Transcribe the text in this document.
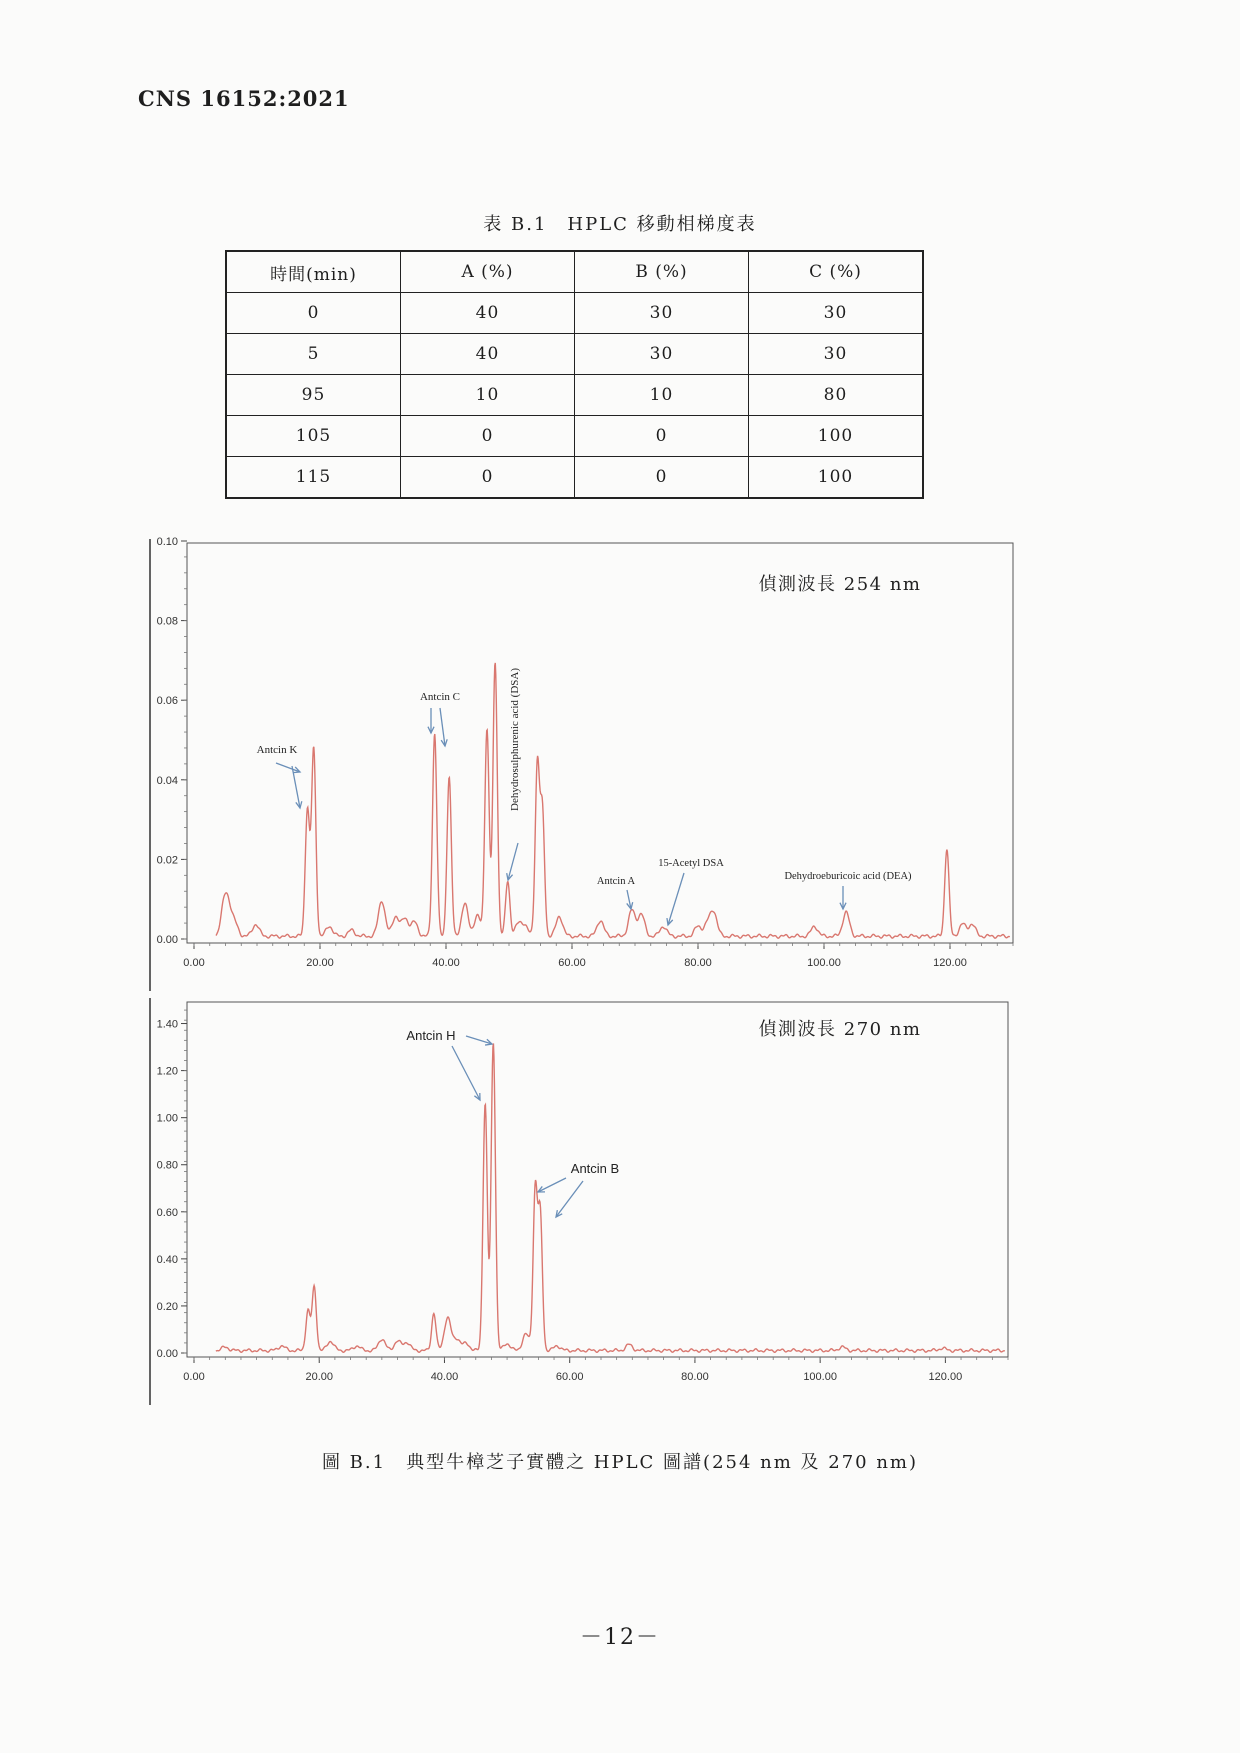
CNS 16152:2021
表 B.1　HPLC 移動相梯度表
時間(min)	A (%)	B (%)	C (%)
0	40	30	30
5	40	30	30
95	10	10	80
105	0	0	100
115	0	0	100
0.00
0.02
0.04
0.06
0.08
0.10
0.00	20.00	40.00	60.00	80.00	100.00	120.00
偵測波長 254 nm
Antcin K
Antcin C	Dehydrosulphurenic acid (DSA)
Antcin A
15-Acetyl DSA
Dehydroeburicoic acid (DEA)
0.00
0.20
0.40
0.60
0.80
1.00
1.20
1.40
0.00	20.00	40.00	60.00	80.00	100.00	120.00
偵測波長 270 nm
Antcin H
Antcin B
圖 B.1　典型牛樟芝子實體之 HPLC 圖譜(254 nm 及 270 nm)
－12－
